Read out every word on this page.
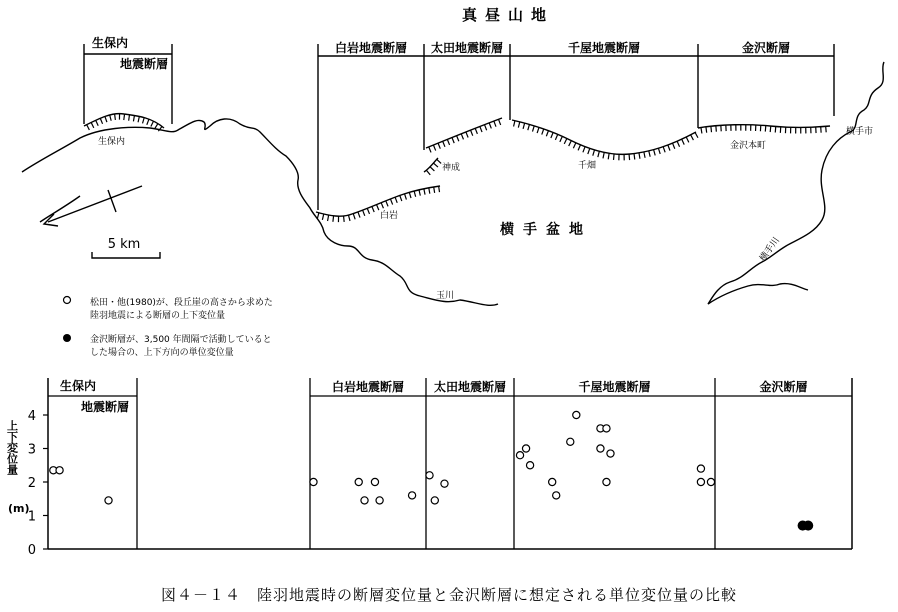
真昼山地
横手盆地
5 km
生保内
地震断層
白岩地震断層 太田地震断層	千屋地震断層	金沢断層
生保内
白岩
神成	千畑
金沢本町
横手市
玉川
横手川
松田・他(1980)が、段丘崖の高さから求めた
陸羽地震による断層の上下変位量
金沢断層が、3,500 年間隔で活動していると
した場合の、上下方向の単位変位量
0
1
2
3
4
上下変位量
(m)
生保内
地震断層
白岩地震断層 太田地震断層	千屋地震断層	金沢断層
図４－１４　陸羽地震時の断層変位量と金沢断層に想定される単位変位量の比較
